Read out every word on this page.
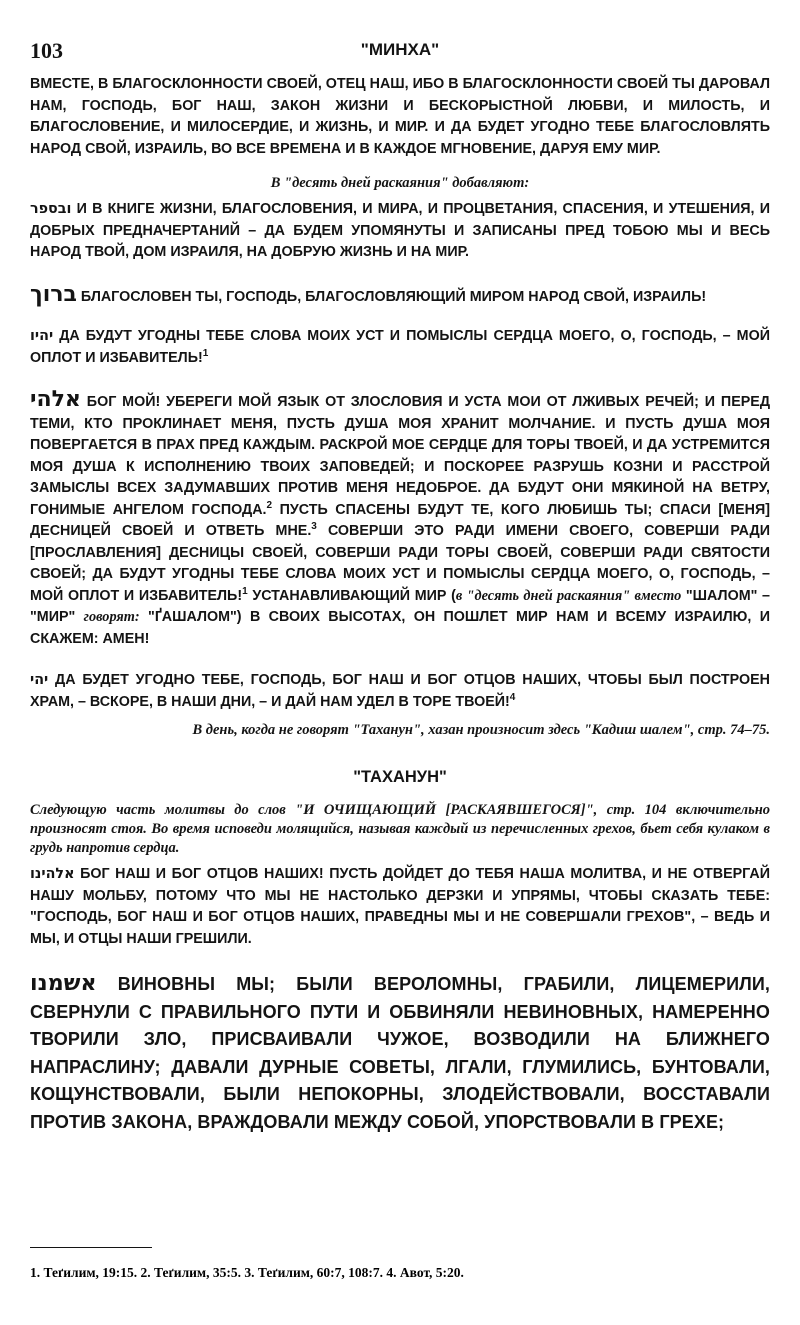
103	"МИНХА"

ВМЕСТЕ, В БЛАГОСКЛОННОСТИ СВОЕЙ, ОТЕЦ НАШ, ИБО В БЛАГОСКЛОННОСТИ СВОЕЙ ТЫ ДАРОВАЛ НАМ, ГОСПОДЬ, БОГ НАШ, ЗАКОН ЖИЗНИ И БЕСКОРЫСТНОЙ ЛЮБВИ, И МИЛОСТЬ, И БЛАГОСЛОВЕНИЕ, И МИЛОСЕРДИЕ, И ЖИЗНЬ, И МИР. И ДА БУДЕТ УГОДНО ТЕБЕ БЛАГОСЛОВЛЯТЬ НАРОД СВОЙ, ИЗРАИЛЬ, ВО ВСЕ ВРЕМЕНА И В КАЖДОЕ МГНОВЕНИЕ, ДАРУЯ ЕМУ МИР.

В "десять дней раскаяния" добавляют:

ובספר И В КНИГЕ ЖИЗНИ, БЛАГОСЛОВЕНИЯ, И МИРА, И ПРОЦВЕТАНИЯ, СПАСЕНИЯ, И УТЕШЕНИЯ, И ДОБРЫХ ПРЕДНАЧЕРТАНИЙ – ДА БУДЕМ УПОМЯНУТЫ И ЗАПИСАНЫ ПРЕД ТОБОЮ МЫ И ВЕСЬ НАРОД ТВОЙ, ДОМ ИЗРАИЛЯ, НА ДОБРУЮ ЖИЗНЬ И НА МИР.

ברוך БЛАГОСЛОВЕН ТЫ, ГОСПОДЬ, БЛАГОСЛОВЛЯЮЩИЙ МИРОМ НАРОД СВОЙ, ИЗРАИЛЬ!

יהיו ДА БУДУТ УГОДНЫ ТЕБЕ СЛОВА МОИХ УСТ И ПОМЫСЛЫ СЕРДЦА МОЕГО, О, ГОСПОДЬ, – МОЙ ОПЛОТ И ИЗБАВИТЕЛЬ!$^1$

אלהי БОГ МОЙ! УБЕРЕГИ МОЙ ЯЗЫК ОТ ЗЛОСЛОВИЯ И УСТА МОИ ОТ ЛЖИВЫХ РЕЧЕЙ; И ПЕРЕД ТЕМИ, КТО ПРОКЛИНАЕТ МЕНЯ, ПУСТЬ ДУША МОЯ ХРАНИТ МОЛЧАНИЕ. И ПУСТЬ ДУША МОЯ ПОВЕРГАЕТСЯ В ПРАХ ПРЕД КАЖДЫМ. РАСКРОЙ МОЕ СЕРДЦЕ ДЛЯ ТОРЫ ТВОЕЙ, И ДА УСТРЕМИТСЯ МОЯ ДУША К ИСПОЛНЕНИЮ ТВОИХ ЗАПОВЕДЕЙ; И ПОСКОРЕЕ РАЗРУШЬ КОЗНИ И РАССТРОЙ ЗАМЫСЛЫ ВСЕХ ЗАДУМАВШИХ ПРОТИВ МЕНЯ НЕДОБРОЕ. ДА БУДУТ ОНИ МЯКИНОЙ НА ВЕТРУ, ГОНИМЫЕ АНГЕЛОМ ГОСПОДА.$^2$ ПУСТЬ СПАСЕНЫ БУДУТ ТЕ, КОГО ЛЮБИШЬ ТЫ; СПАСИ [МЕНЯ] ДЕСНИЦЕЙ СВОЕЙ И ОТВЕТЬ МНЕ.$^3$ СОВЕРШИ ЭТО РАДИ ИМЕНИ СВОЕГО, СОВЕРШИ РАДИ [ПРОСЛАВЛЕНИЯ] ДЕСНИЦЫ СВОЕЙ, СОВЕРШИ РАДИ ТОРЫ СВОЕЙ, СОВЕРШИ РАДИ СВЯТОСТИ СВОЕЙ; ДА БУДУТ УГОДНЫ ТЕБЕ СЛОВА МОИХ УСТ И ПОМЫСЛЫ СЕРДЦА МОЕГО, О, ГОСПОДЬ, – МОЙ ОПЛОТ И ИЗБАВИТЕЛЬ!$^1$ УСТАНАВЛИВАЮЩИЙ МИР (в "десять дней раскаяния" вместо "ШАЛОМ" – "МИР" говорят: "ҐАШАЛОМ") В СВОИХ ВЫСОТАХ, ОН ПОШЛЕТ МИР НАМ И ВСЕМУ ИЗРАИЛЮ, И СКАЖЕМ: АМЕН!

יהי ДА БУДЕТ УГОДНО ТЕБЕ, ГОСПОДЬ, БОГ НАШ И БОГ ОТЦОВ НАШИХ, ЧТОБЫ БЫЛ ПОСТРОЕН ХРАМ, – ВСКОРЕ, В НАШИ ДНИ, – И ДАЙ НАМ УДЕЛ В ТОРЕ ТВОЕЙ!$^4$

В день, когда не говорят "Таханун", хазан произносит здесь "Кадиш шалем", стр. 74–75.

"ТАХАНУН"

Следующую часть молитвы до слов "И ОЧИЩАЮЩИЙ [РАСКАЯВШЕГОСЯ]", стр. 104 включительно произносят стоя. Во время исповеди молящийся, называя каждый из перечисленных грехов, бьет себя кулаком в грудь напротив сердца.

אלהינו БОГ НАШ И БОГ ОТЦОВ НАШИХ! ПУСТЬ ДОЙДЕТ ДО ТЕБЯ НАША МОЛИТВА, И НЕ ОТВЕРГАЙ НАШУ МОЛЬБУ, ПОТОМУ ЧТО МЫ НЕ НАСТОЛЬКО ДЕРЗКИ И УПРЯМЫ, ЧТОБЫ СКАЗАТЬ ТЕБЕ: "ГОСПОДЬ, БОГ НАШ И БОГ ОТЦОВ НАШИХ, ПРАВЕДНЫ МЫ И НЕ СОВЕРШАЛИ ГРЕХОВ", – ВЕДЬ И МЫ, И ОТЦЫ НАШИ ГРЕШИЛИ.

אשמנו ВИНОВНЫ МЫ; БЫЛИ ВЕРОЛОМНЫ, ГРАБИЛИ, ЛИЦЕМЕРИЛИ, СВЕРНУЛИ С ПРАВИЛЬНОГО ПУТИ И ОБВИНЯЛИ НЕВИНОВНЫХ, НАМЕРЕННО ТВОРИЛИ ЗЛО, ПРИСВАИВАЛИ ЧУЖОЕ, ВОЗВОДИЛИ НА БЛИЖНЕГО НАПРАСЛИНУ; ДАВАЛИ ДУРНЫЕ СОВЕТЫ, ЛГАЛИ, ГЛУМИЛИСЬ, БУНТОВАЛИ, КОЩУНСТВОВАЛИ, БЫЛИ НЕПОКОРНЫ, ЗЛОДЕЙСТВОВАЛИ, ВОССТАВАЛИ ПРОТИВ ЗАКОНА, ВРАЖДОВАЛИ МЕЖДУ СОБОЙ, УПОРСТВОВАЛИ В ГРЕХЕ;

1. Теґилим, 19:15. 2. Теґилим, 35:5. 3. Теґилим, 60:7, 108:7. 4. Авот, 5:20.
